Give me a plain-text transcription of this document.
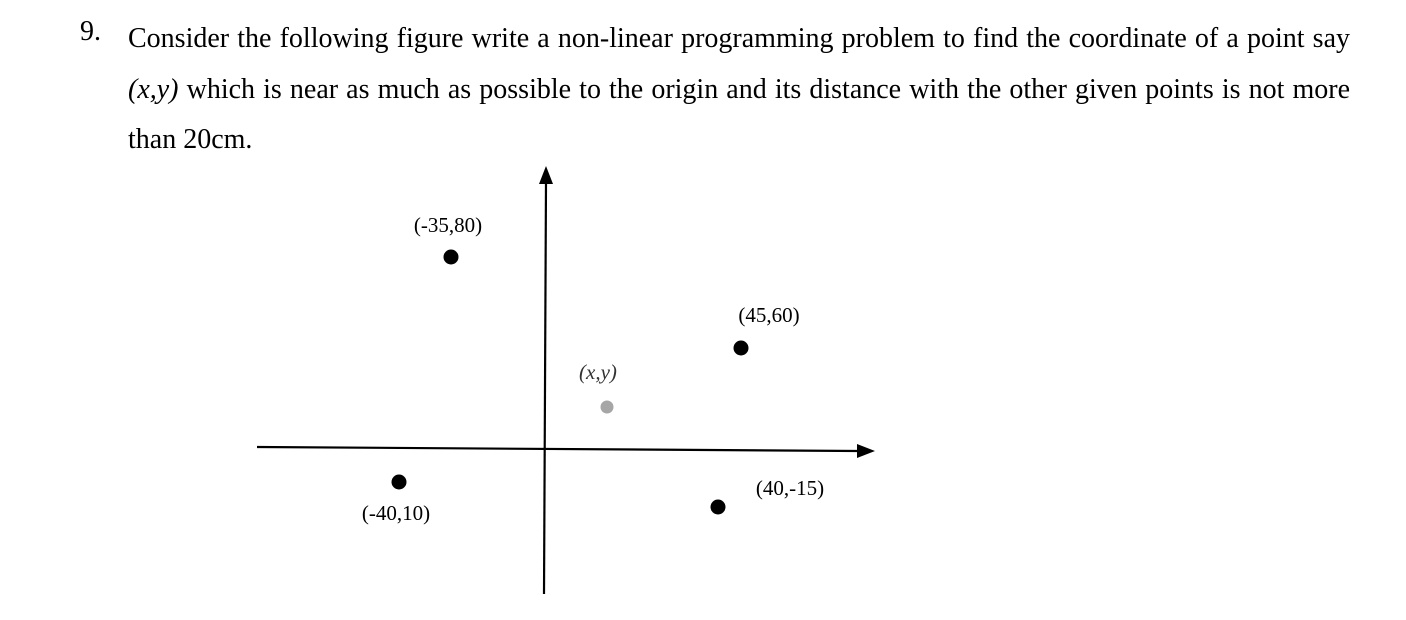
9. Consider the following figure write a non-linear programming problem to find the coordinate of a point say (x,y) which is near as much as possible to the origin and its distance with the other given points is not more than 20cm.
(-35,80)
(45,60)
(x,y)
(-40,10)
(40,-15)
